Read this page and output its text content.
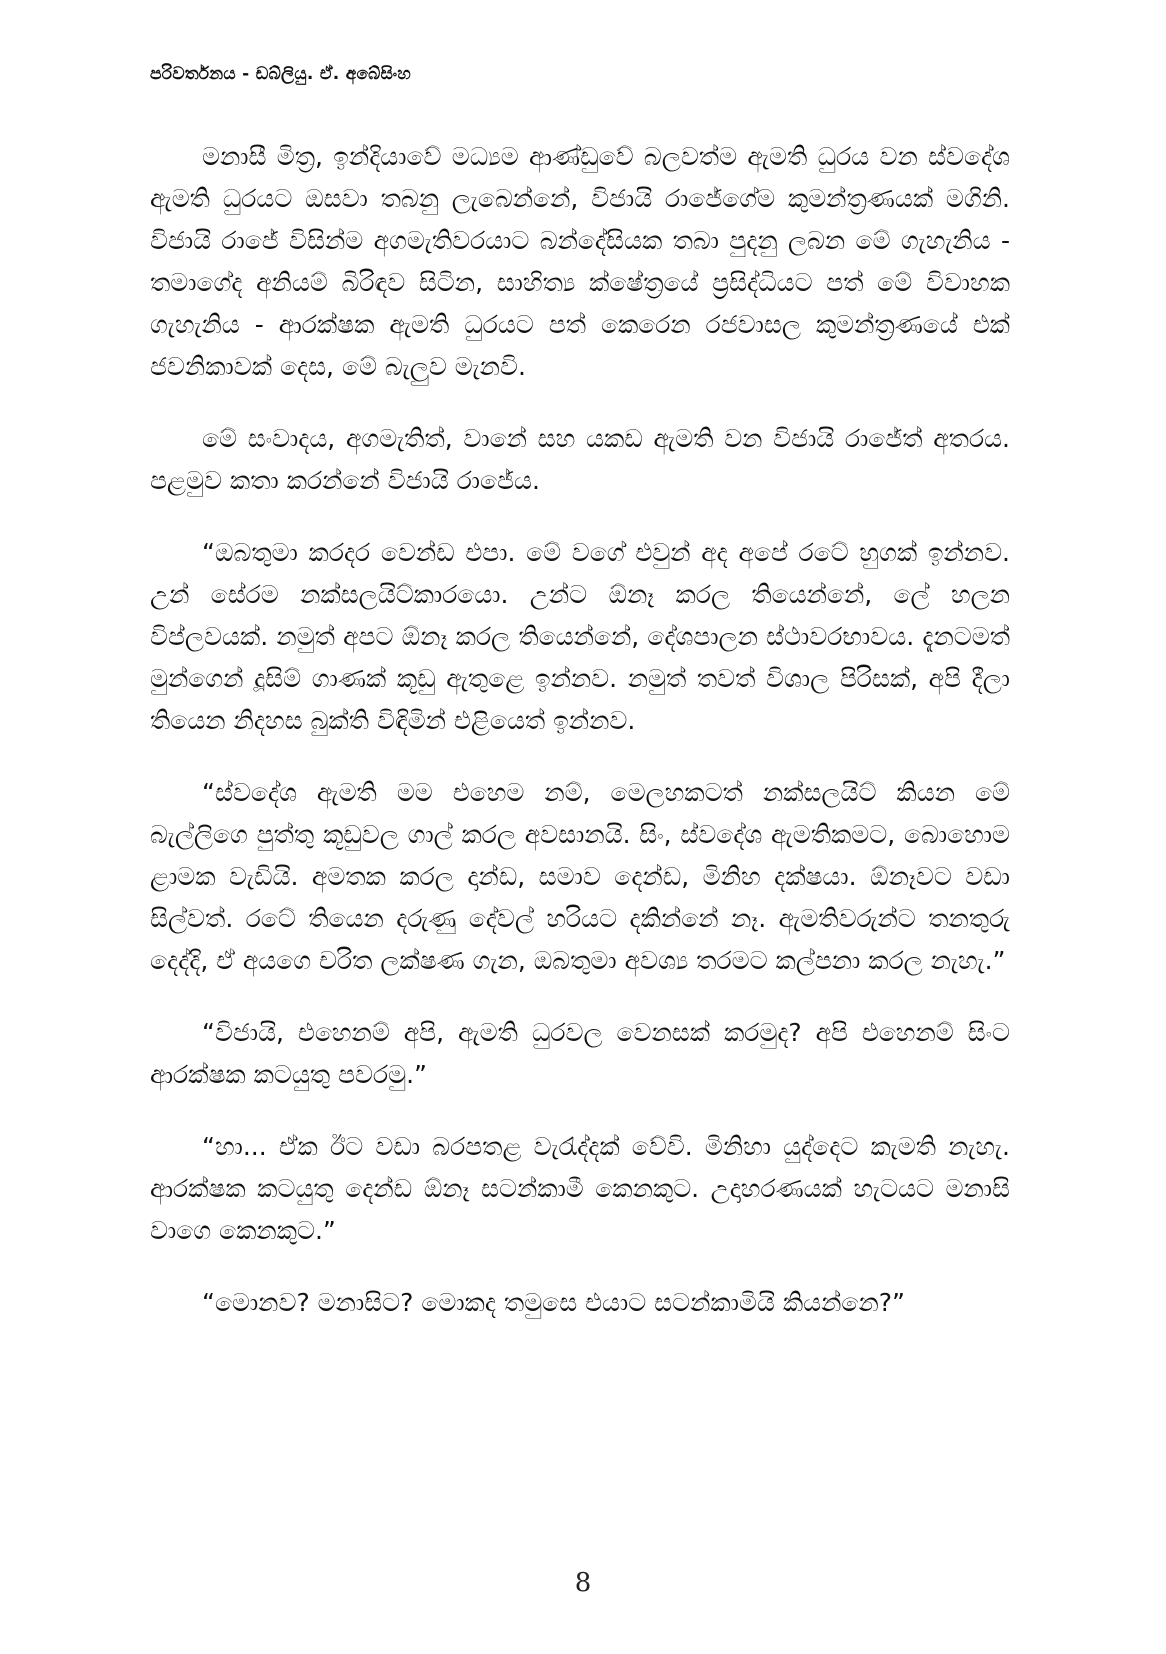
පරිවර්තනය - ඩබ්ලියු. ඒ. අබේසිංහ

මනාසී මිත්‍ර, ඉන්දියාවේ මධ්‍යම ආණ්ඩුවේ බලවත්ම ඇමති ධුරය වන ස්වදේශ ඇමති ධුරයට ඔසවා තබනු ලැබෙන්නේ, විජායි රාජේගේම කුමන්ත්‍රණයක් මගිනි. විජායි රාජේ විසින්ම අගමැතිවරයාට බන්දේසියක තබා පුදනු ලබන මේ ගැහැනිය - තමාගේද අනියම් බිරිඳව සිටින, සාහිත්‍ය ක්ෂේත්‍රයේ ප්‍රසිද්ධියට පත් මේ විවාහක ගැහැනිය - ආරක්ෂක ඇමති ධුරයට පත් කෙරෙන රජවාසල කුමන්ත්‍රණයේ එක් ජවනිකාවක් දෙස, මේ බැලුව මැනවි.

මේ සංවාදය, අගමැතිත්, වානේ සහ යකඩ ඇමති වන විජායි රාජේත් අතරය. පළමුව කතා කරන්නේ විජායි රාජේය.

“ඔබතුමා කරදර වෙන්ඩ එපා. මේ වගේ එවුන් අද අපේ රටේ හුගක් ඉන්නව. උන් සේරම නක්සලයිට්කාරයො. උන්ට ඕනෑ කරල තියෙන්නේ, ලේ හලන විප්ලවයක්. නමුත් අපට ඕනෑ කරල තියෙන්නේ, දේශපාලන ස්ථාවරභාවය. දැනටමත් මුන්ගෙන් දූසිම් ගාණක් කූඩු ඇතුළෙ ඉන්නව. නමුත් තවත් විශාල පිරිසක්, අපි දීලා තියෙන නිදහස බුක්ති විඳිමින් එළියෙත් ඉන්නව.

“ස්වදේශ ඇමති මම එහෙම නම්, මෙලහකටත් නක්සලයිට් කියන මේ බැල්ලිගෙ පුත්තු කූඩුවල ගාල් කරල අවසානයි. සිං, ස්වදේශ ඇමතිකමට, බොහොම ළාමක වැඩියි. අමතක කරල දාන්ඩ, සමාව දෙන්ඩ, මිනිහ දක්ෂයා. ඕනෑවට වඩා සිල්වත්. රටේ තියෙන දරුණු දේවල් හරියට දකින්නේ නෑ. ඇමතිවරුන්ට තනතුරු දෙද්දි, ඒ අයගෙ චරිත ලක්ෂණ ගැන, ඔබතුමා අවශ්‍ය තරමට කල්පනා කරල නැහැ.”

“විජායි, එහෙනම් අපි, ඇමති ධුරවල වෙනසක් කරමුද? අපි එහෙනම් සිංට ආරක්ෂක කටයුතු පවරමු.”

“හා... ඒක ඊට වඩා බරපතළ වැරැද්දක් වේවි. මිනිහා යුද්දෙට කැමති නැහැ. ආරක්ෂක කටයුතු දෙන්ඩ ඕනෑ සටන්කාමී කෙනකුට. උදාහරණයක් හැටයට මනාසි වාගෙ කෙනකුට.”

“මොනව? මනාසිට? මොකද තමුසෙ එයාට සටන්කාමියි කියන්නෙ?”

8
